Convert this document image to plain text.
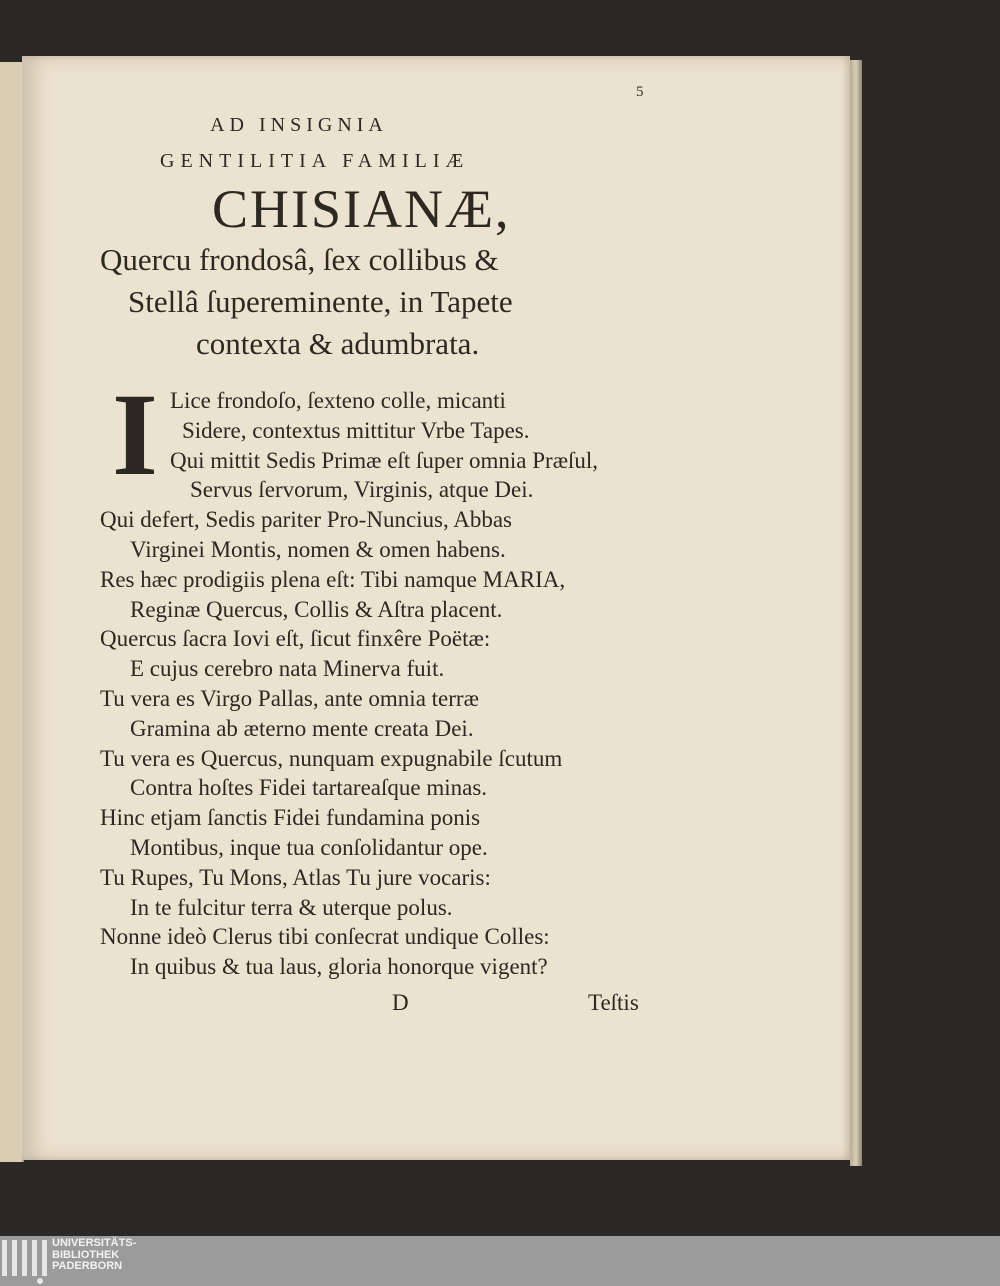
5
AD INSIGNIA
GENTILITIA FAMILIÆ
CHISIANÆ,
Quercu frondosâ, ſex collibus &
Stellâ ſupereminente, in Tapete
contexta & adumbrata.
I Lice frondoſo, ſexteno colle, micanti
Sidere, contextus mittitur Vrbe Tapes.
Qui mittit Sedis Primæ eſt ſuper omnia Præſul,
Servus ſervorum, Virginis, atque Dei.
Qui defert, Sedis pariter Pro-Nuncius, Abbas
Virginei Montis, nomen & omen habens.
Res hæc prodigiis plena eſt: Tibi namque MARIA,
Reginæ Quercus, Collis & Aſtra placent.
Quercus ſacra Iovi eſt, ſicut finxêre Poëtæ:
E cujus cerebro nata Minerva fuit.
Tu vera es Virgo Pallas, ante omnia terræ
Gramina ab æterno mente creata Dei.
Tu vera es Quercus, nunquam expugnabile ſcutum
Contra hoſtes Fidei tartareaſque minas.
Hinc etjam ſanctis Fidei fundamina ponis
Montibus, inque tua conſolidantur ope.
Tu Rupes, Tu Mons, Atlas Tu jure vocaris:
In te fulcitur terra & uterque polus.
Nonne ideò Clerus tibi conſecrat undique Colles:
In quibus & tua laus, gloria honorque vigent?
D	Teſtis
UNIVERSITÄTS-
BIBLIOTHEK
PADERBORN
